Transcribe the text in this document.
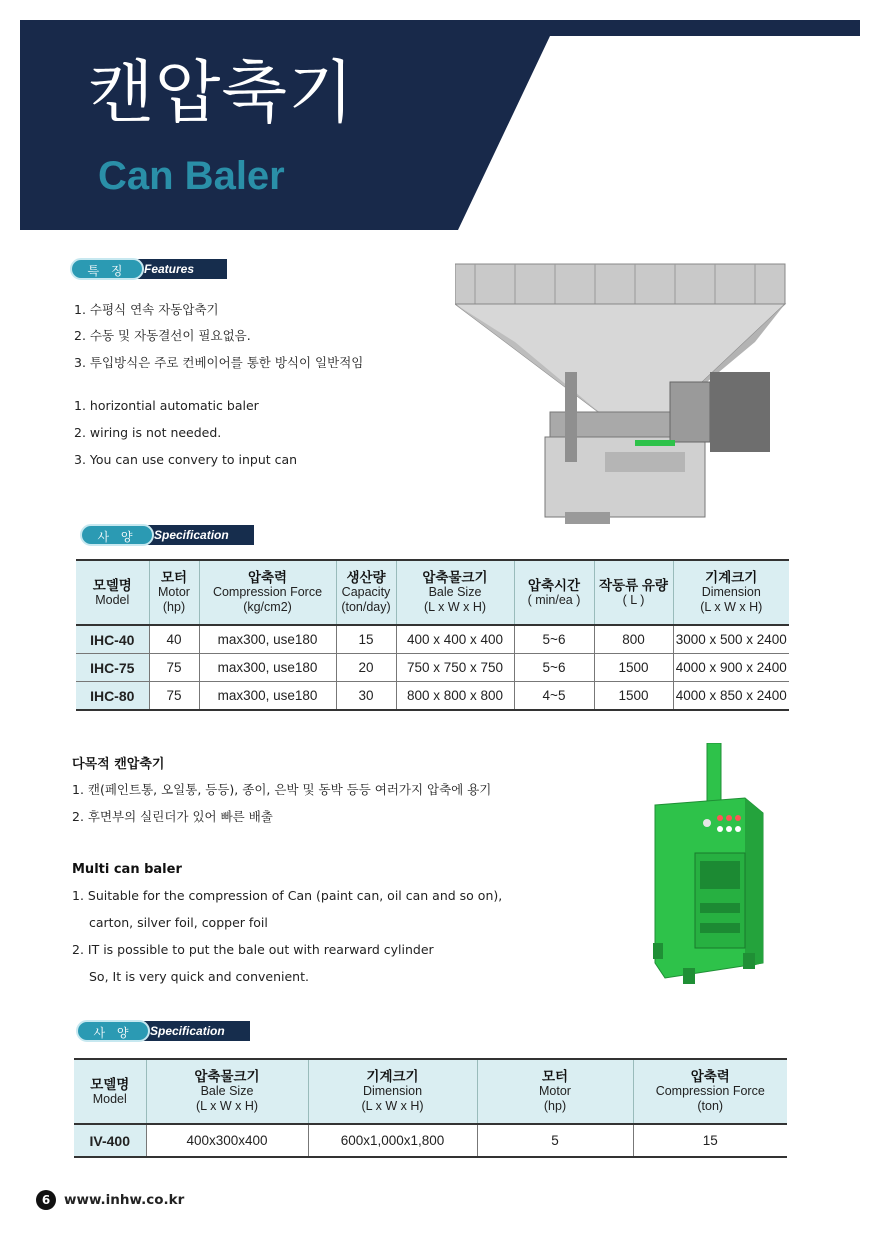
캔압축기
Can Baler
Features
특 징
1. 수평식 연속 자동압축기
2. 수동 및 자동결선이 필요없음.
3. 투입방식은 주로 컨베이어를 통한 방식이 일반적임
1. horizontial automatic baler
2. wiring is not needed.
3. You can use convery to input can
Specification
사 양
모델명
Model	모터
Motor
(hp)	압축력
Compression Force
(kg/cm2)	생산량
Capacity
(ton/day)	압축물크기
Bale Size
(L x W x H)	압축시간
( min/ea )	작동류 유량
( L )	기계크기
Dimension
(L x W x H)
IHC-40	40	max300, use180	15	400 x 400 x 400	5~6	800	3000 x 500 x 2400
IHC-75	75	max300, use180	20	750 x 750 x 750	5~6	1500	4000 x 900 x 2400
IHC-80	75	max300, use180	30	800 x 800 x 800	4~5	1500	4000 x 850 x 2400
다목적 캔압축기
1. 캔(페인트통, 오일통, 등등), 종이, 은박 및 동박 등등 여러가지 압축에 용기
2. 후면부의 실린더가 있어 빠른 배출
Multi can baler
1. Suitable for the compression of Can (paint can, oil can and so on),
carton, silver foil, copper foil
2. IT is possible to put the bale out with rearward cylinder
So, It is very quick and convenient.
Specification
사 양
모델명
Model	압축물크기
Bale Size
(L x W x H)	기계크기
Dimension
(L x W x H)	모터
Motor
(hp)	압축력
Compression Force
(ton)
IV-400	400x300x400	600x1,000x1,800	5	15
6	www.inhw.co.kr
